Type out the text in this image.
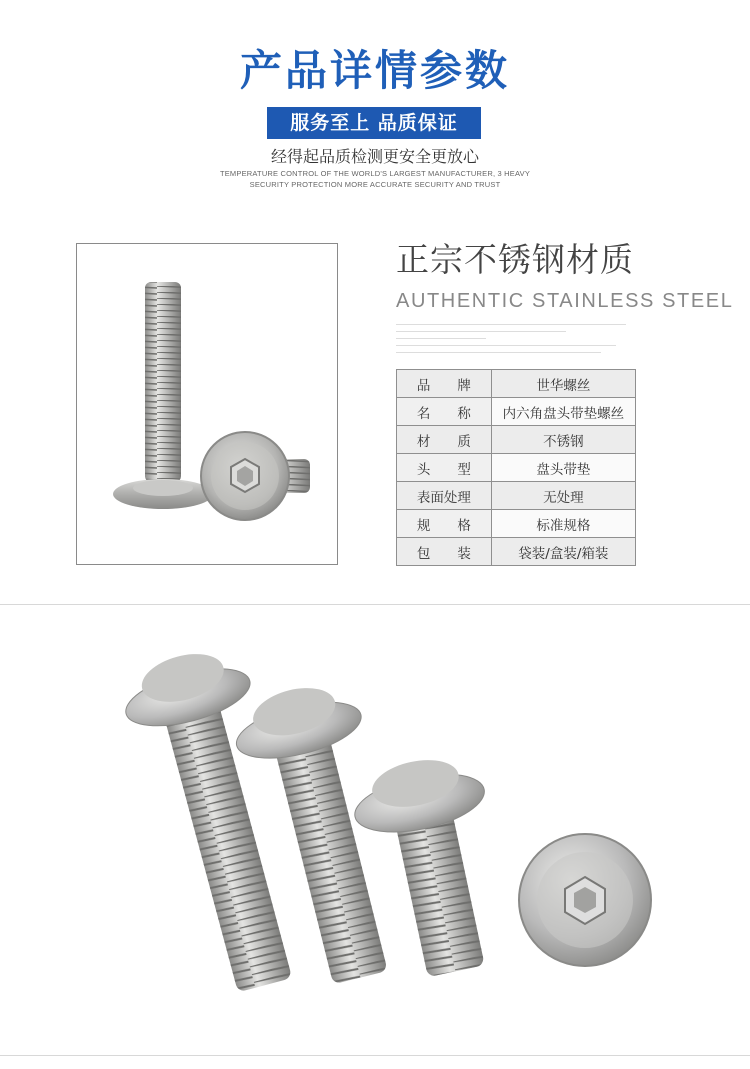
产品详情参数
服务至上 品质保证
经得起品质检测更安全更放心
TEMPERATURE CONTROL OF THE WORLD'S LARGEST MANUFACTURER, 3 HEAVY
SECURITY PROTECTION MORE ACCURATE SECURITY AND TRUST
正宗不锈钢材质
AUTHENTIC STAINLESS STEEL
品　　牌	世华螺丝
名　　称	内六角盘头带垫螺丝
材　　质	不锈钢
头　　型	盘头带垫
表面处理	无处理
规　　格	标准规格
包　　装	袋装/盒装/箱装
